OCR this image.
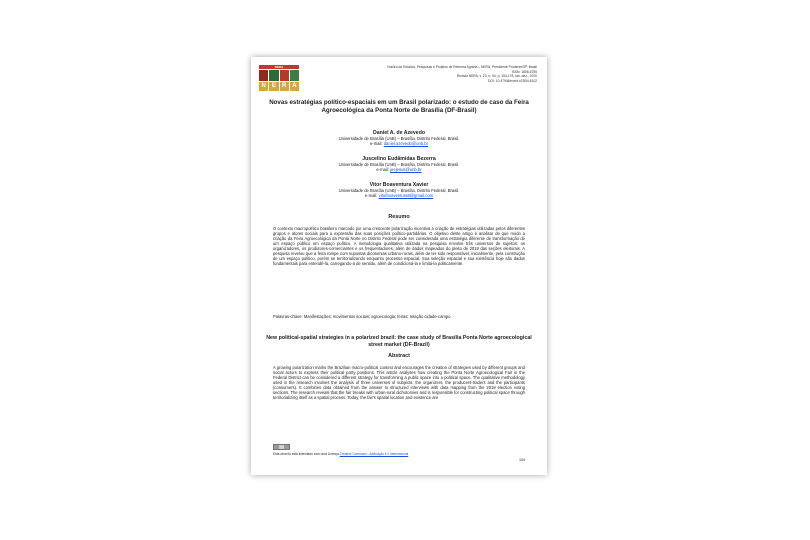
NERA
N	E	R A
Núcleo de Estudos, Pesquisas e Projetos de Reforma Agrária – NERA, Presidente Prudente/SP, Brasil
ISSN: 1806-6755
Revista NERA, v. 23, n. 54, p. 154-178, set.-dez., 2020
DOI: 10.47946/rnera.v23i54.8102
Novas estratégias político-espaciais em um Brasil polarizado: o estudo de caso da Feira Agroecológica da Ponta Norte de Brasília (DF-Brasil)
Daniel A. de Azevedo
Universidade de Brasília (UnB) – Brasília, Distrito Federal, Brasil.
e-mail: daniel.azevedo@unb.br
Juscelino Eudâmidas Bezerra
Universidade de Brasília (UnB) – Brasília, Distrito Federal, Brasil.
e-mail: jeejesus@unb.br
Vitor Boaventura Xavier
Universidade de Brasília (UnB) – Brasília, Distrito Federal, Brasil.
e-mail: vitorboaventura8@gmail.com
Resumo
O contexto macropolítico brasileiro marcado por uma crescente polarização incentiva a criação de estratégias utilizadas pelos diferentes grupos e atores sociais para a expressão das suas posições político-partidárias. O objetivo deste artigo é analisar de que modo a criação da Feira Agroecológica da Ponta Norte no Distrito Federal pode ser considerada uma estratégia diferente de transformação de um espaço público em espaço político. A metodologia qualitativa utilizada na pesquisa envolve três universos de sujeitos: os organizadores, os produtores-comerciantes e os frequentadores, além de dados mapeados do pleito de 2018 das seções eleitorais. A pesquisa revelou que a feira rompe com supostas dicotomias urbano-rurais, além de ter sido responsável, inicialmente, pela construção de um espaço político, porém se territorializando enquanto processo espacial. Sua seleção espacial e sua existência hoje são dados fundamentais para entendê-la, carregando-a de sentido, além de condicioná-la e limitá-la politicamente.
Palavras-chave: Manifestações; movimentos sociais; agroecologia; feiras; relação cidade-campo
New political-spatial strategies in a polarized brazil: the case study of Brasília Ponta Norte agroecological street market (DF-Brazil)
Abstract
A growing polarization marks the Brazilian macro-political context and encourages the creation of strategies used by different groups and social actors to express their political party positions. This article analyses how creating the Ponta Norte Agroecological Fair in the Federal District can be considered a different strategy for transforming a public space into a political space. The qualitative methodology used in the research involves the analysis of three universes of subjects: the organizers, the producers-traders and the participants (consumers). It combines data obtained from the answer to structured interviews with data mapping from the 2018 election voting sections. The research reveals that the fair breaks with urban-rural dichotomies and is responsible for constructing political space through territorializing itself as a spatial process. Today, the fair's spatial location and existence are
Esta obra foi está licenciado com uma Licença Creative Commons - Atribuição 4.0 Internacional
154
